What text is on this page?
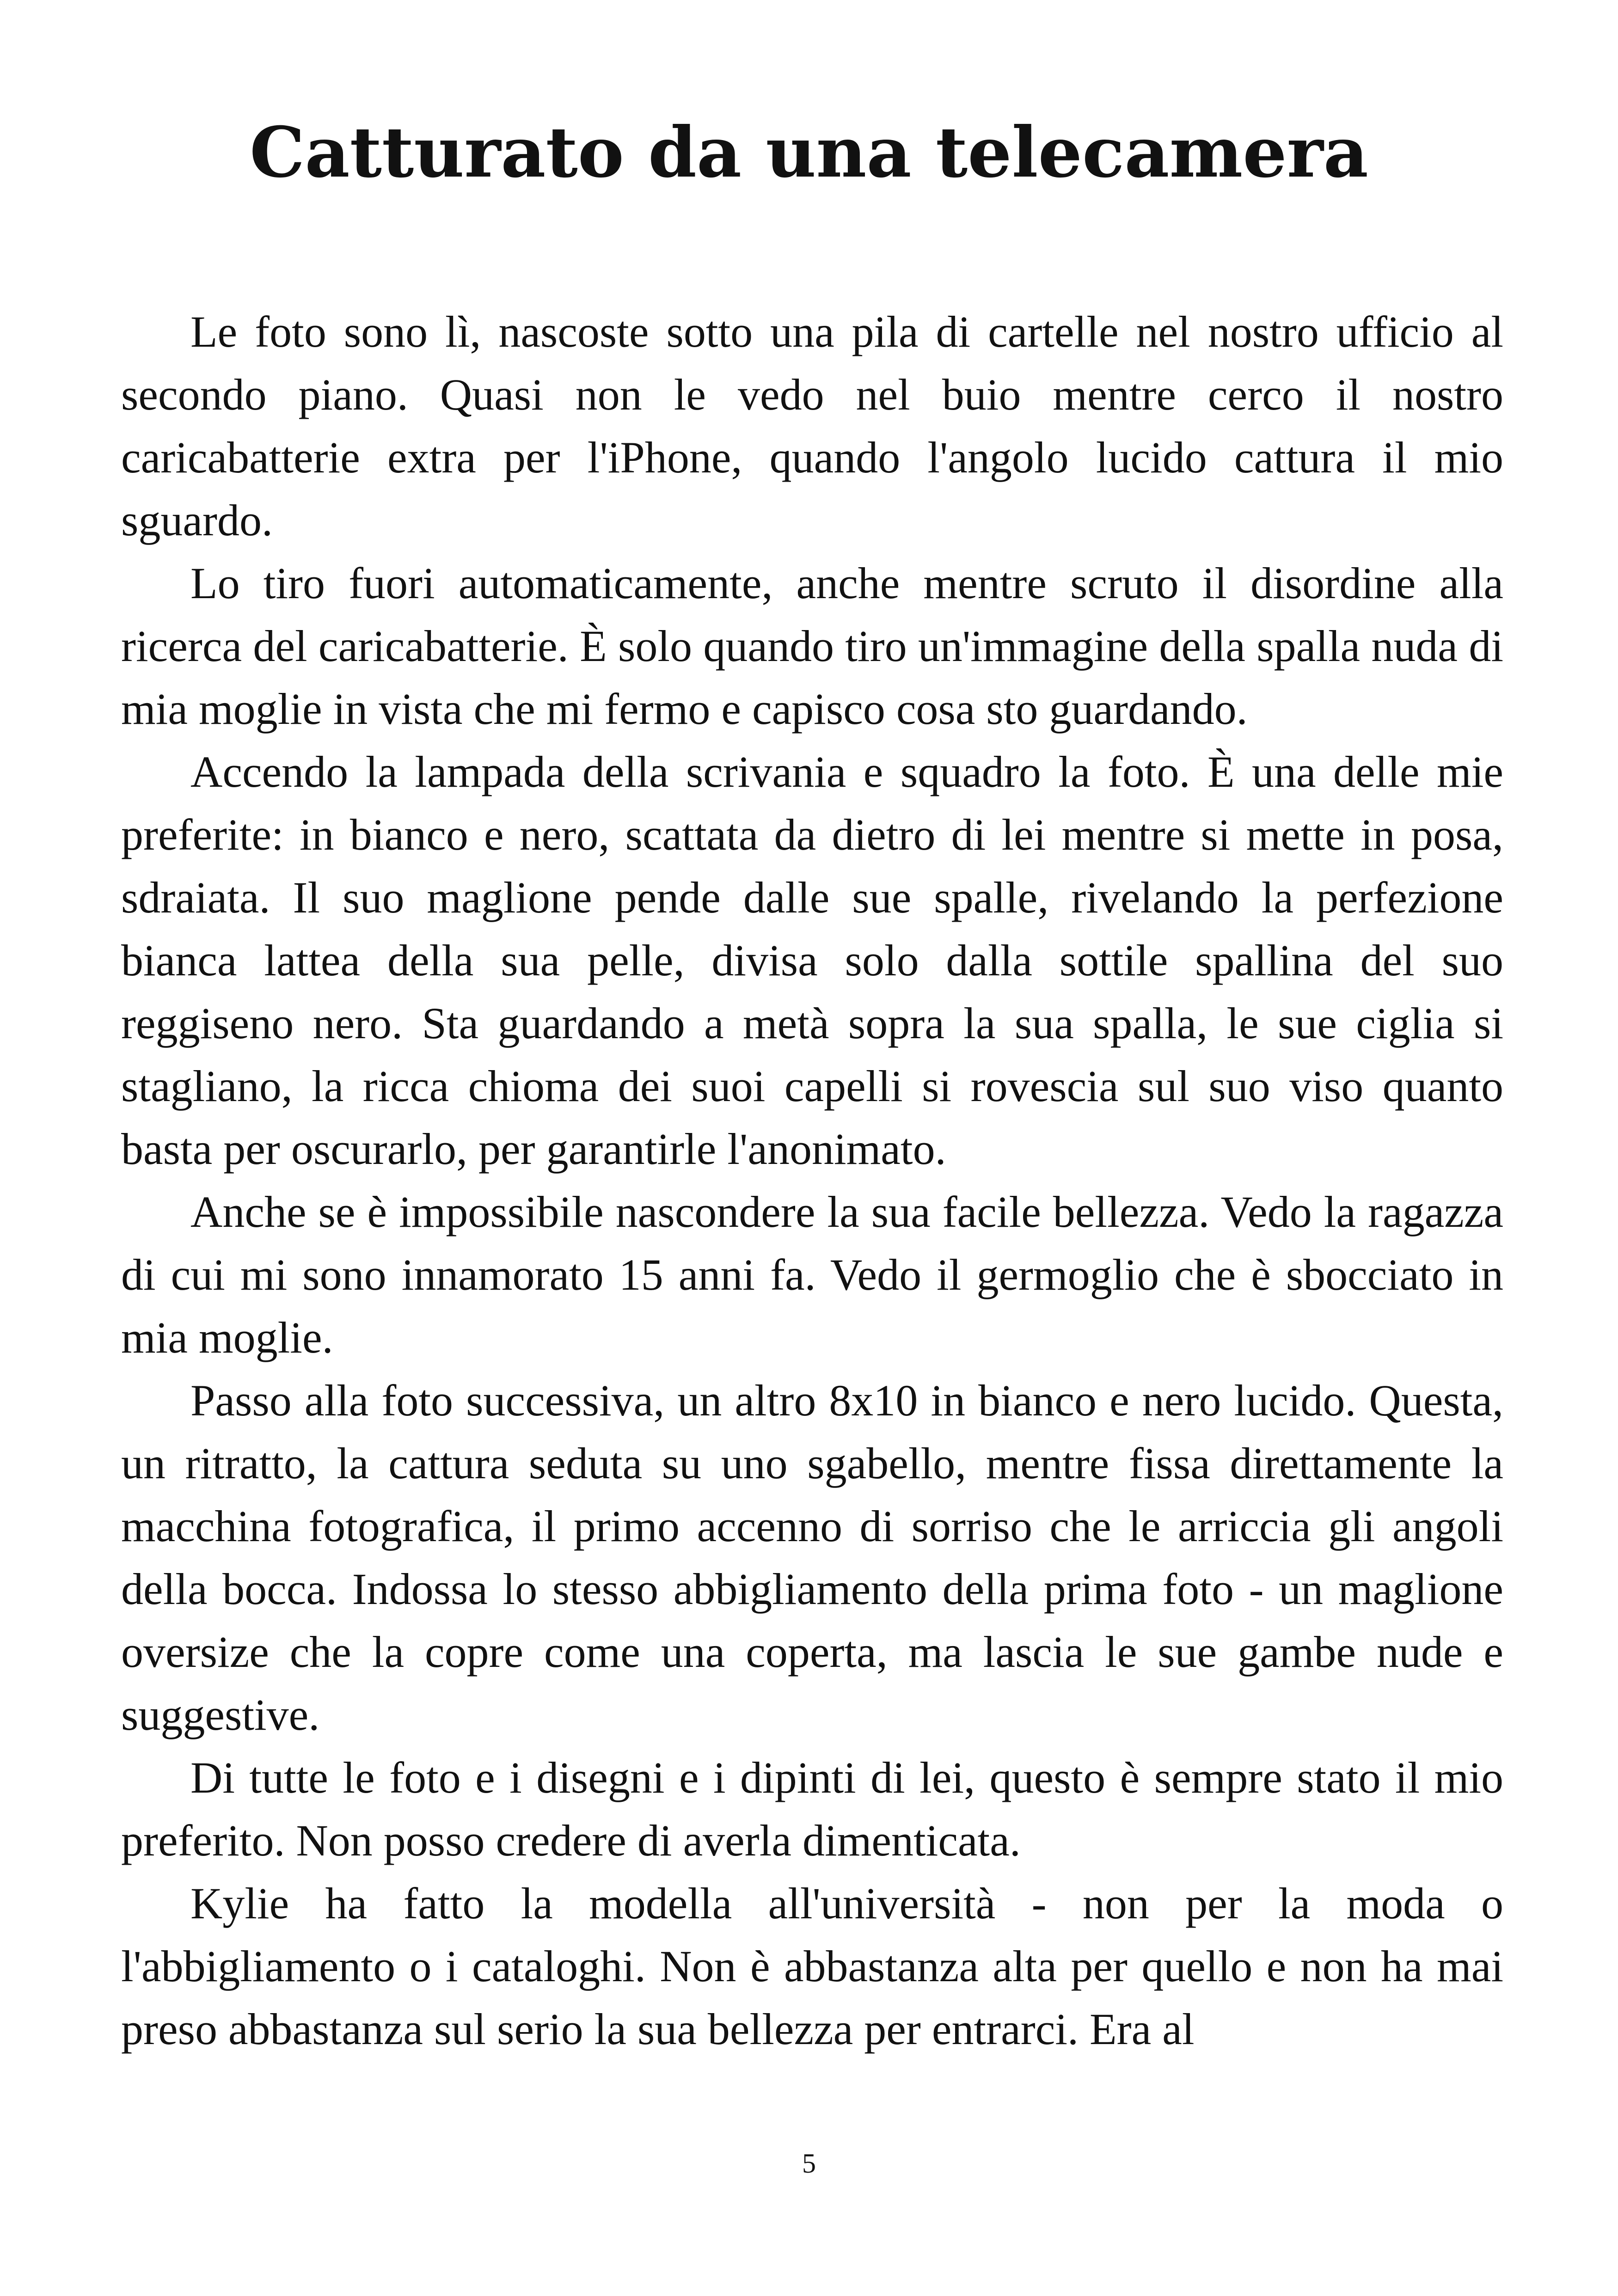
Catturato da una telecamera

Le foto sono lì, nascoste sotto una pila di cartelle nel nostro ufficio al secondo piano. Quasi non le vedo nel buio mentre cerco il nostro caricabatterie extra per l'iPhone, quando l'angolo lucido cattura il mio sguardo.

Lo tiro fuori automaticamente, anche mentre scruto il disordine alla ricerca del caricabatterie. È solo quando tiro un'immagine della spalla nuda di mia moglie in vista che mi fermo e capisco cosa sto guardando.

Accendo la lampada della scrivania e squadro la foto. È una delle mie preferite: in bianco e nero, scattata da dietro di lei mentre si mette in posa, sdraiata. Il suo maglione pende dalle sue spalle, rivelando la perfezione bianca lattea della sua pelle, divisa solo dalla sottile spallina del suo reggiseno nero. Sta guardando a metà sopra la sua spalla, le sue ciglia si stagliano, la ricca chioma dei suoi capelli si rovescia sul suo viso quanto basta per oscurarlo, per garantirle l'anonimato.

Anche se è impossibile nascondere la sua facile bellezza. Vedo la ragazza di cui mi sono innamorato 15 anni fa. Vedo il germoglio che è sbocciato in mia moglie.

Passo alla foto successiva, un altro 8x10 in bianco e nero lucido. Questa, un ritratto, la cattura seduta su uno sgabello, mentre fissa direttamente la macchina fotografica, il primo accenno di sorriso che le arriccia gli angoli della bocca. Indossa lo stesso abbigliamento della prima foto - un maglione oversize che la copre come una coperta, ma lascia le sue gambe nude e suggestive.

Di tutte le foto e i disegni e i dipinti di lei, questo è sempre stato il mio preferito. Non posso credere di averla dimenticata.

Kylie ha fatto la modella all'università - non per la moda o l'abbigliamento o i cataloghi. Non è abbastanza alta per quello e non ha mai preso abbastanza sul serio la sua bellezza per entrarci. Era al

5
